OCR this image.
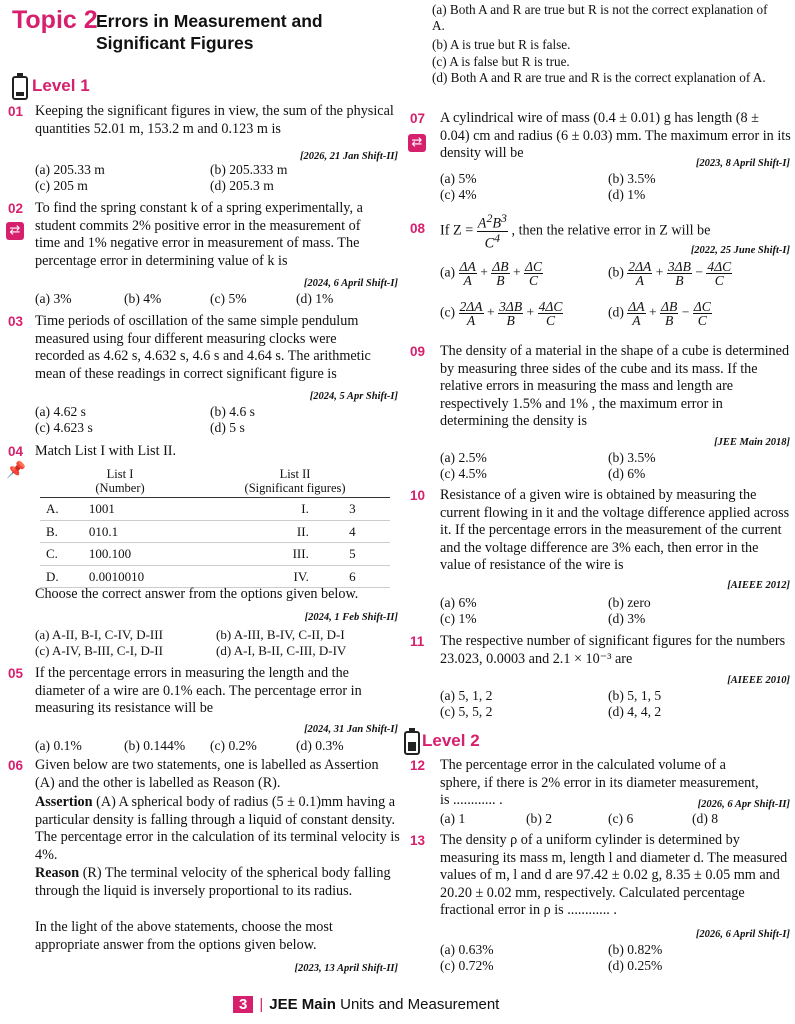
Topic 2
Errors in Measurement and
Significant Figures
Level 1
01 Keeping the significant figures in view, the sum of the physical quantities 52.01 m, 153.2 m and 0.123 m is
[2026, 21 Jan Shift-II]
(a) 205.33 m	(b) 205.333 m
(c) 205 m	(d) 205.3 m
02
⇄
To find the spring constant k of a spring experimentally, a student commits 2% positive error in the measurement of time and 1% negative error in measurement of mass. The percentage error in determining value of k is
[2024, 6 April Shift-I]
(a) 3%	(b) 4%	(c) 5%	(d) 1%
03 Time periods of oscillation of the same simple pendulum measured using four different measuring clocks were recorded as 4.62 s, 4.632 s, 4.6 s and 4.64 s. The arithmetic mean of these readings in correct significant figure is
[2024, 5 Apr Shift-I]
(a) 4.62 s	(b) 4.6 s
(c) 4.623 s	(d) 5 s
04
📌
Match List I with List II.
List I
(Number)		List II
(Significant figures)	
A.	1001	I.	3
B.	010.1	II.	4
C.	100.100	III.	5
D.	0.0010010	IV.	6
Choose the correct answer from the options given below.
[2024, 1 Feb Shift-II]
(a) A-II, B-I, C-IV, D-III	(b) A-III, B-IV, C-II, D-I
(c) A-IV, B-III, C-I, D-II	(d) A-I, B-II, C-III, D-IV
05 If the percentage errors in measuring the length and the diameter of a wire are 0.1% each. The percentage error in measuring its resistance will be
[2024, 31 Jan Shift-I]
(a) 0.1%	(b) 0.144% (c) 0.2%	(d) 0.3%
06 Given below are two statements, one is labelled as Assertion (A) and the other is labelled as Reason (R).
Assertion (A) A spherical body of radius (5 ± 0.1)mm having a particular density is falling through a liquid of constant density. The percentage error in the calculation of its terminal velocity is 4%.
Reason (R) The terminal velocity of the spherical body falling through the liquid is inversely proportional to its radius.
In the light of the above statements, choose the most appropriate answer from the options given below.
[2023, 13 April Shift-II]
(a) Both A and R are true but R is not the correct explanation of A.
(b) A is true but R is false.
(c) A is false but R is true.
(d) Both A and R are true and R is the correct explanation of A.
07
⇄
A cylindrical wire of mass (0.4 ± 0.01) g has length (8 ± 0.04) cm and radius (6 ± 0.03) mm. The maximum error in its density will be
[2023, 8 April Shift-I]
(a) 5%	(b) 3.5%
(c) 4%	(d) 1%
08 If $Z = \frac{A^2B^3}{C^4}$ , then the relative error in Z will be
[2022, 25 June Shift-I]
$(a) \frac{\Delta A}{A} + \frac{\Delta B}{B} + \frac{\Delta C}{C}$	$(b) \frac{2\Delta A}{A} + \frac{3\Delta B}{B} - \frac{4\Delta C}{C}$
$(c) \frac{2\Delta A}{A} + \frac{3\Delta B}{B} + \frac{4\Delta C}{C}$	$(d) \frac{\Delta A}{A} + \frac{\Delta B}{B} - \frac{\Delta C}{C}$
09 The density of a material in the shape of a cube is determined by measuring three sides of the cube and its mass. If the relative errors in measuring the mass and length are respectively 1.5% and 1% , the maximum error in determining the density is
[JEE Main 2018]
(a) 2.5%	(b) 3.5%
(c) 4.5%	(d) 6%
10 Resistance of a given wire is obtained by measuring the current flowing in it and the voltage difference applied across it. If the percentage errors in the measurement of the current and the voltage difference are 3% each, then error in the value of resistance of the wire is
[AIEEE 2012]
(a) 6%	(b) zero
(c) 1%	(d) 3%
11 The respective number of significant figures for the numbers 23.023, 0.0003 and 2.1 × 10⁻³ are
[AIEEE 2010]
(a) 5, 1, 2	(b) 5, 1, 5
(c) 5, 5, 2	(d) 4, 4, 2
Level 2
12 The percentage error in the calculated volume of a sphere, if there is 2% error in its diameter measurement, is ............ .	[2026, 6 Apr Shift-II]
(a) 1	(b) 2	(c) 6	(d) 8
13 The density ρ of a uniform cylinder is determined by measuring its mass m, length l and diameter d. The measured values of m, l and d are 97.42 ± 0.02 g, 8.35 ± 0.05 mm and 20.20 ± 0.02 mm, respectively. Calculated percentage fractional error in ρ is ............ .
[2026, 6 April Shift-I]
(a) 0.63%	(b) 0.82%
(c) 0.72%	(d) 0.25%
3 | JEE Main Units and Measurement
